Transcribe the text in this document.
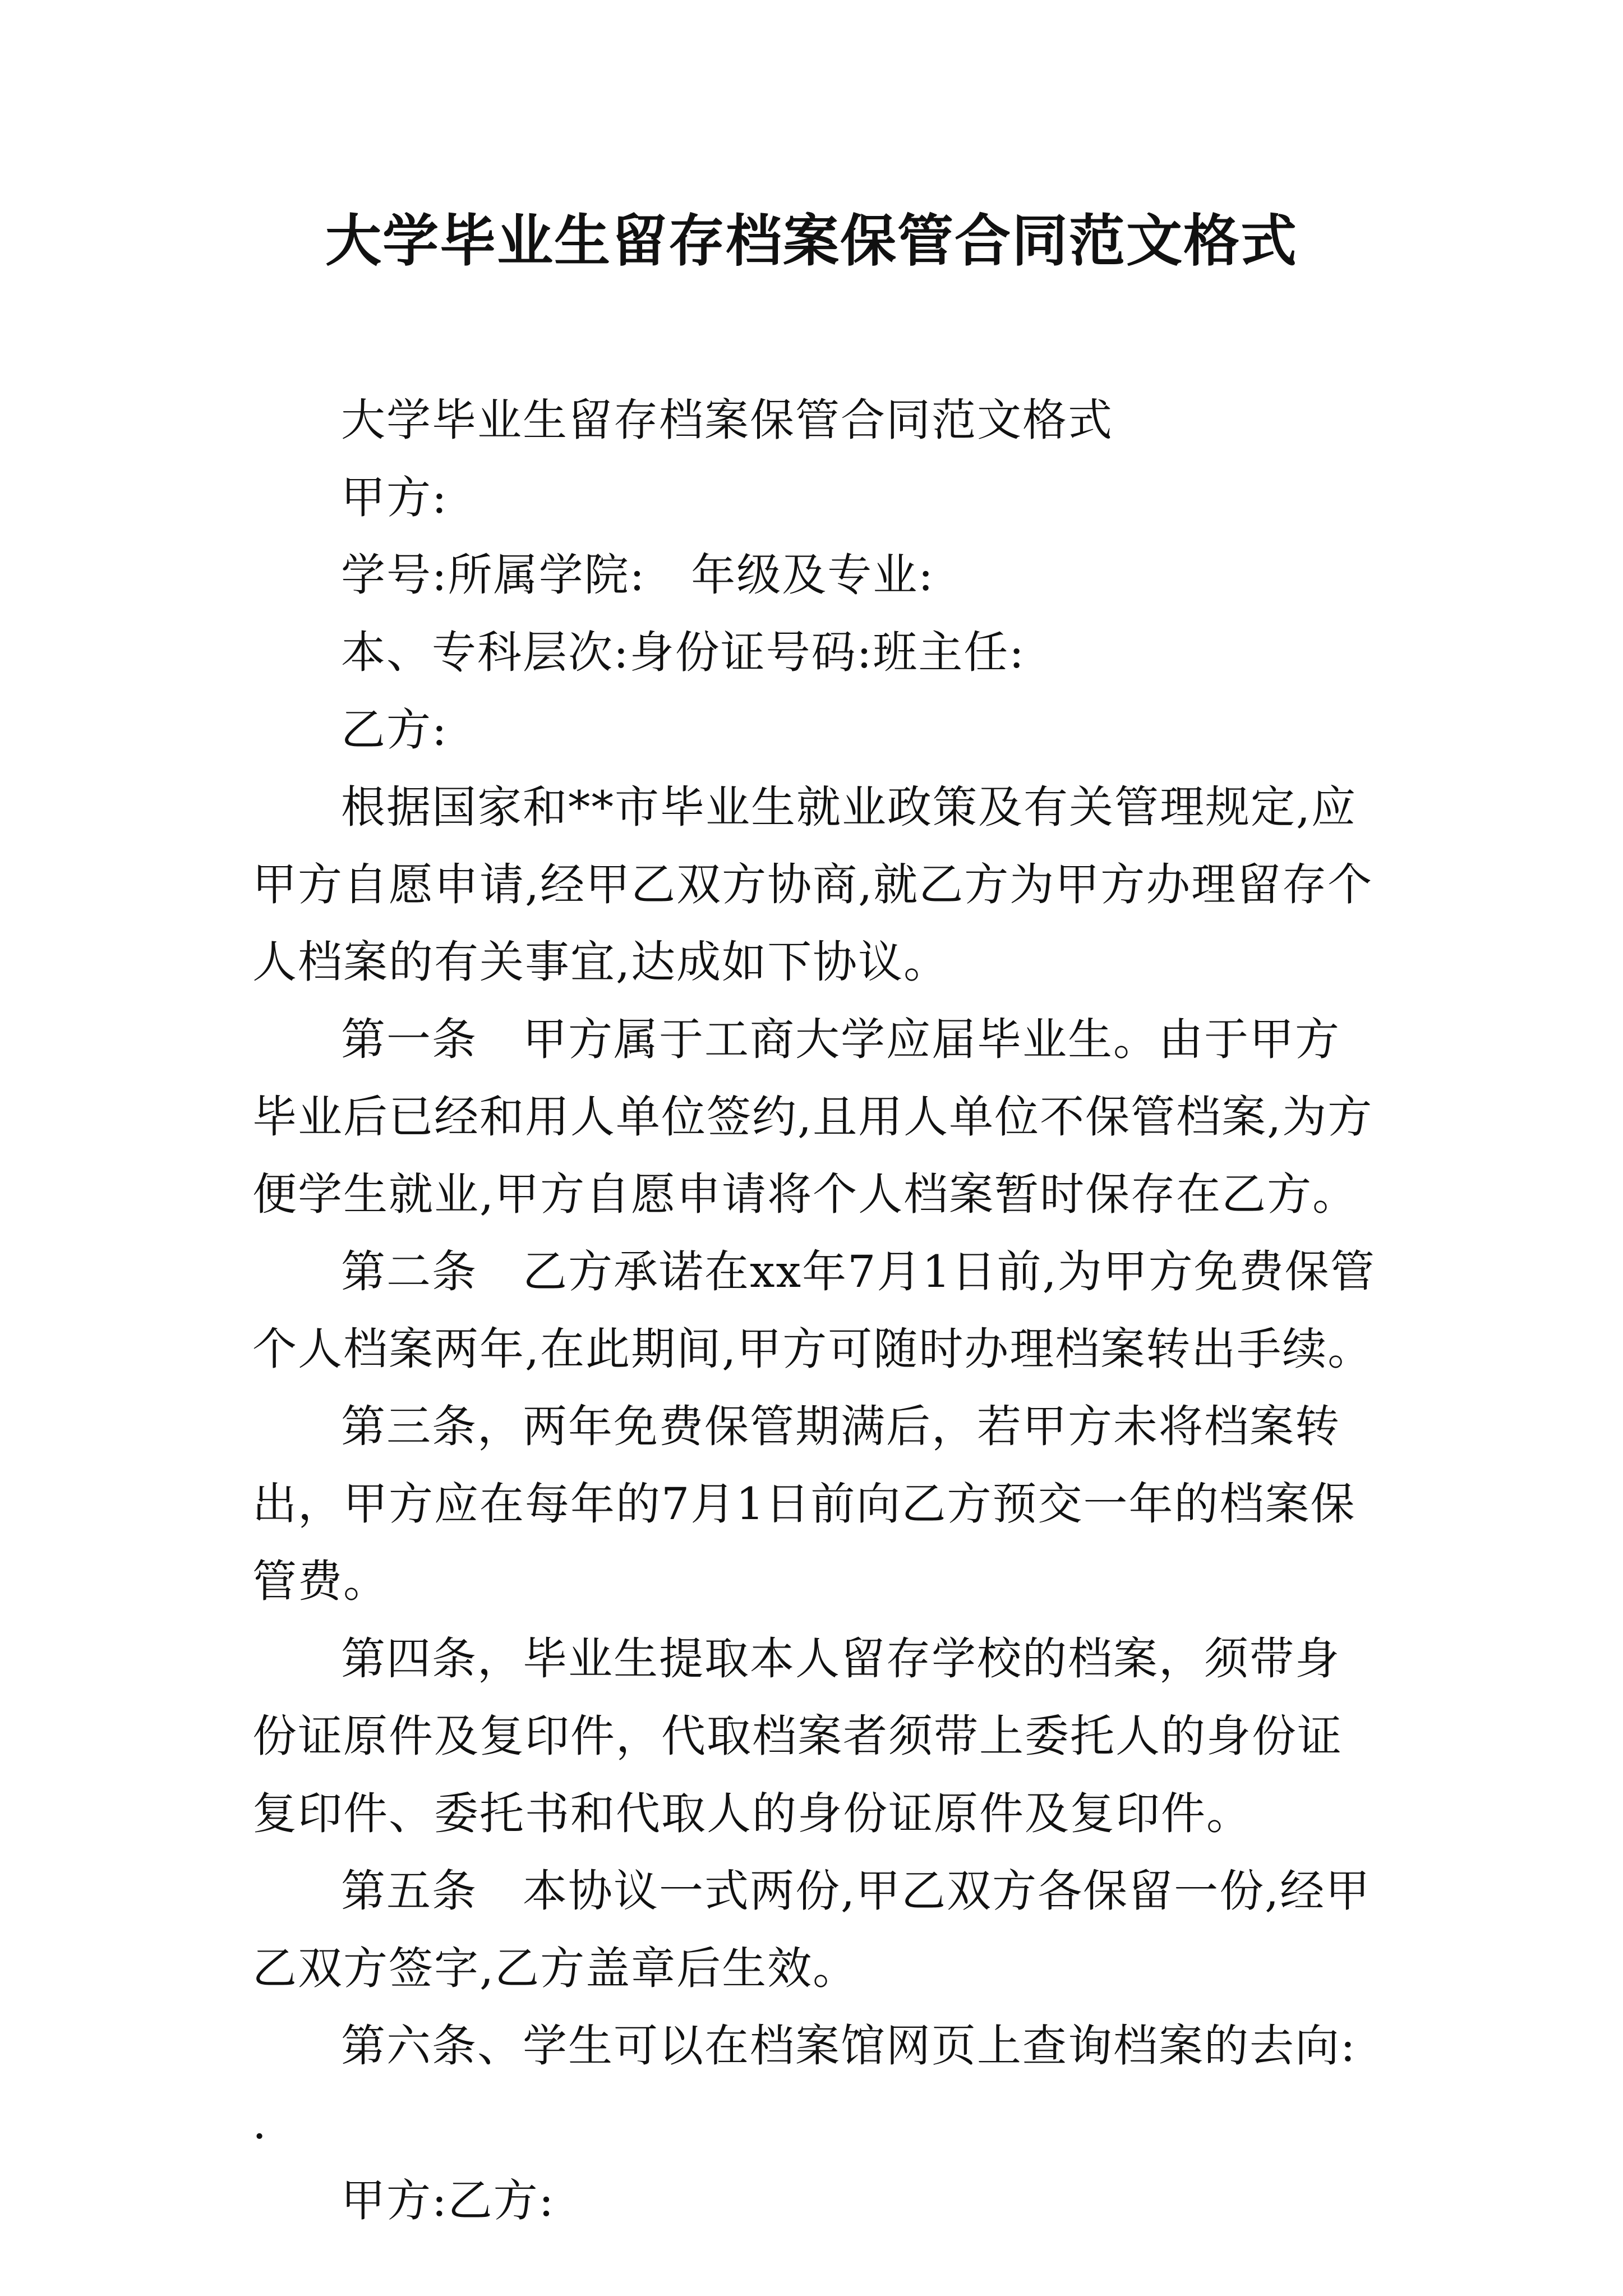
大学毕业生留存档案保管合同范文格式

大学毕业生留存档案保管合同范文格式

甲方:

学号:所属学院:　年级及专业:

本、专科层次:身份证号码:班主任:

乙方:

根据国家和**市毕业生就业政策及有关管理规定,应甲方自愿申请,经甲乙双方协商,就乙方为甲方办理留存个人档案的有关事宜,达成如下协议。

第一条　甲方属于工商大学应届毕业生。由于甲方毕业后已经和用人单位签约,且用人单位不保管档案,为方便学生就业,甲方自愿申请将个人档案暂时保存在乙方。

第二条　乙方承诺在xx年7月1日前,为甲方免费保管个人档案两年,在此期间,甲方可随时办理档案转出手续。

第三条，两年免费保管期满后，若甲方未将档案转出，甲方应在每年的7月1日前向乙方预交一年的档案保管费。

第四条，毕业生提取本人留存学校的档案，须带身份证原件及复印件，代取档案者须带上委托人的身份证复印件、委托书和代取人的身份证原件及复印件。

第五条　本协议一式两份,甲乙双方各保留一份,经甲乙双方签字,乙方盖章后生效。

第六条、学生可以在档案馆网页上查询档案的去向:　.

甲方:乙方:
